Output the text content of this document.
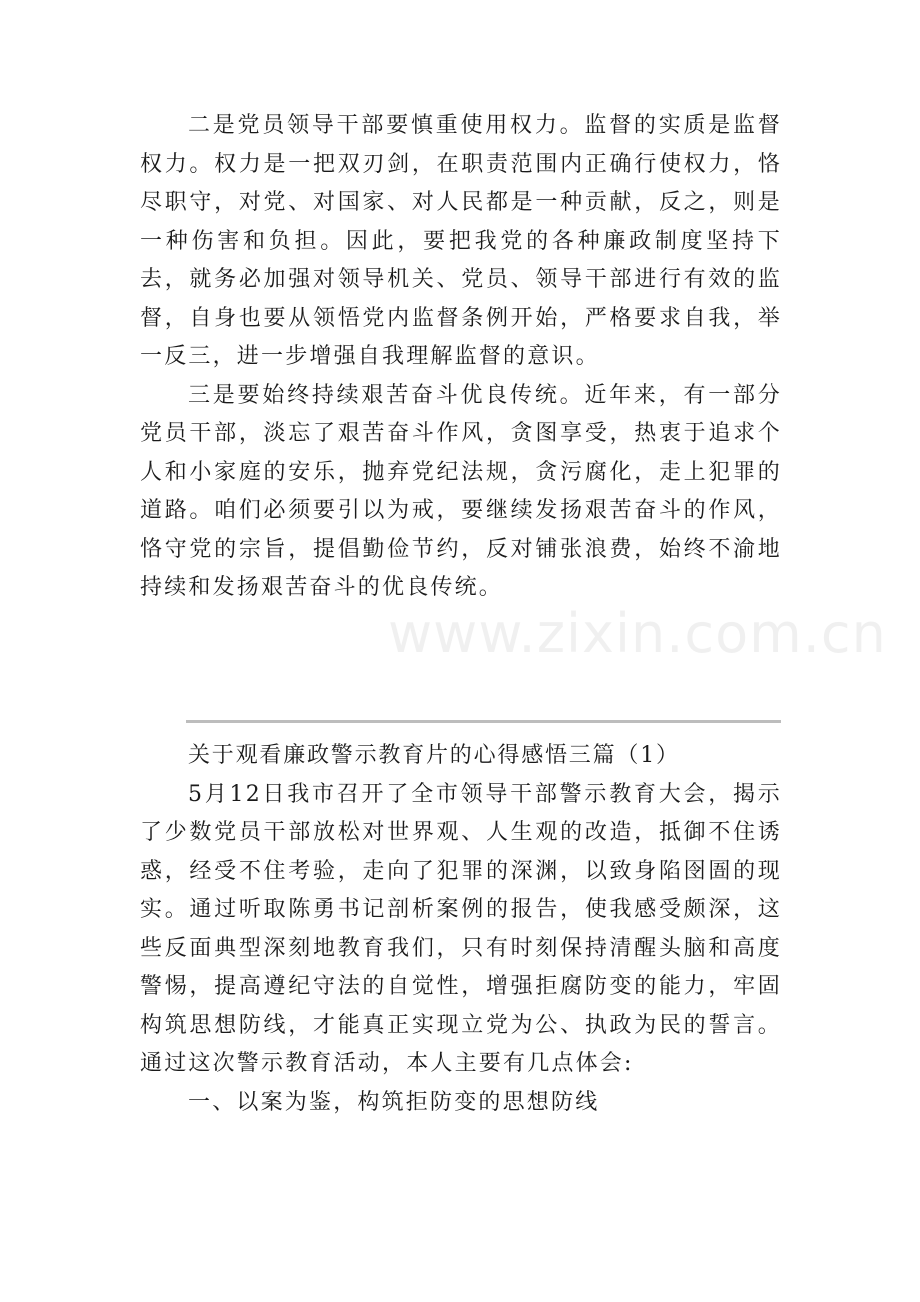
二是党员领导干部要慎重使用权力。监督的实质是监督权力。权力是一把双刃剑，在职责范围内正确行使权力，恪尽职守，对党、对国家、对人民都是一种贡献，反之，则是一种伤害和负担。因此，要把我党的各种廉政制度坚持下去，就务必加强对领导机关、党员、领导干部进行有效的监督，自身也要从领悟党内监督条例开始，严格要求自我，举一反三，进一步增强自我理解监督的意识。

三是要始终持续艰苦奋斗优良传统。近年来，有一部分党员干部，淡忘了艰苦奋斗作风，贪图享受，热衷于追求个人和小家庭的安乐，抛弃党纪法规，贪污腐化，走上犯罪的道路。咱们必须要引以为戒，要继续发扬艰苦奋斗的作风，恪守党的宗旨，提倡勤俭节约，反对铺张浪费，始终不渝地持续和发扬艰苦奋斗的优良传统。

关于观看廉政警示教育片的心得感悟三篇（1）

5月12日我市召开了全市领导干部警示教育大会，揭示了少数党员干部放松对世界观、人生观的改造，抵御不住诱惑，经受不住考验，走向了犯罪的深渊，以致身陷囹圄的现实。通过听取陈勇书记剖析案例的报告，使我感受颇深，这些反面典型深刻地教育我们，只有时刻保持清醒头脑和高度警惕，提高遵纪守法的自觉性，增强拒腐防变的能力，牢固构筑思想防线，才能真正实现立党为公、执政为民的誓言。通过这次警示教育活动，本人主要有几点体会:

一、以案为鉴，构筑拒防变的思想防线

www.zixin.com.cn
